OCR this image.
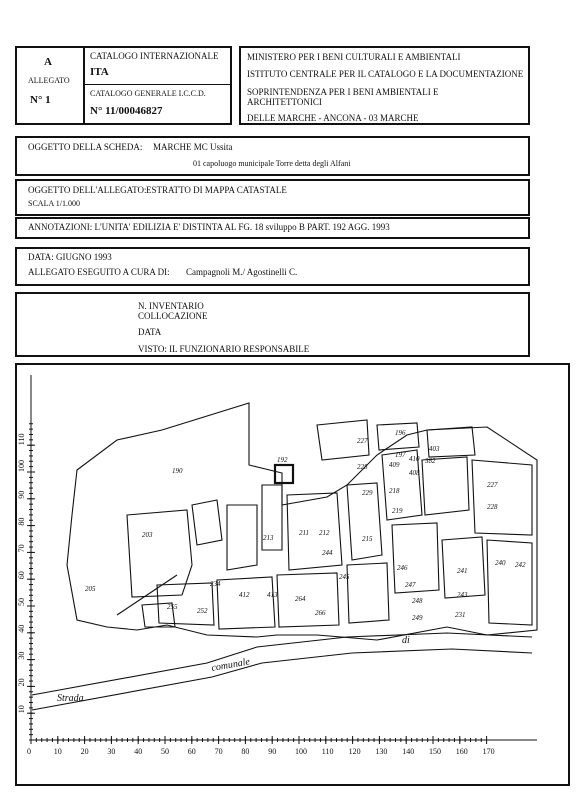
A
ALLEGATO
N° 1
CATALOGO INTERNAZIONALE
ITA
CATALOGO GENERALE I.C.C.D.
N° 11/00046827
MINISTERO PER I BENI CULTURALI E AMBIENTALI
ISTITUTO CENTRALE PER IL CATALOGO E LA DOCUMENTAZIONE
SOPRINTENDENZA PER I BENI AMBIENTALI E
ARCHITETTONICI
DELLE MARCHE - ANCONA - 03 MARCHE
OGGETTO DELLA SCHEDA: MARCHE MC Ussita
01 capoluogo municipale Torre detta degli Alfani
OGGETTO DELL'ALLEGATO: ESTRATTO DI MAPPA CATASTALE
SCALA 1/1.000
ANNOTAZIONI: L'UNITA' EDILIZIA E' DISTINTA AL FG. 18 sviluppo B PART. 192 AGG. 1993
DATA: GIUGNO 1993
ALLEGATO ESEGUITO A CURA DI: Campagnoli M./ Agostinelli C.
N. INVENTARIO
COLLOCAZIONE
DATA
VISTO: IL FUNZIONARIO RESPONSABILE
190
192
203
205
234
255	252
412	413
227
228
229
196
197
409
410
408
403
382
218
219
244
245
246
247
248
249
227
228
240
241
242
243
231
264
266
211 212
213	215
Strada
comunale
di
0	10 20 30 40 50 60 70 80 90 100 110 120 130 140 150 160 170
10
20
30
40
50
60
70
80
90
100
110
